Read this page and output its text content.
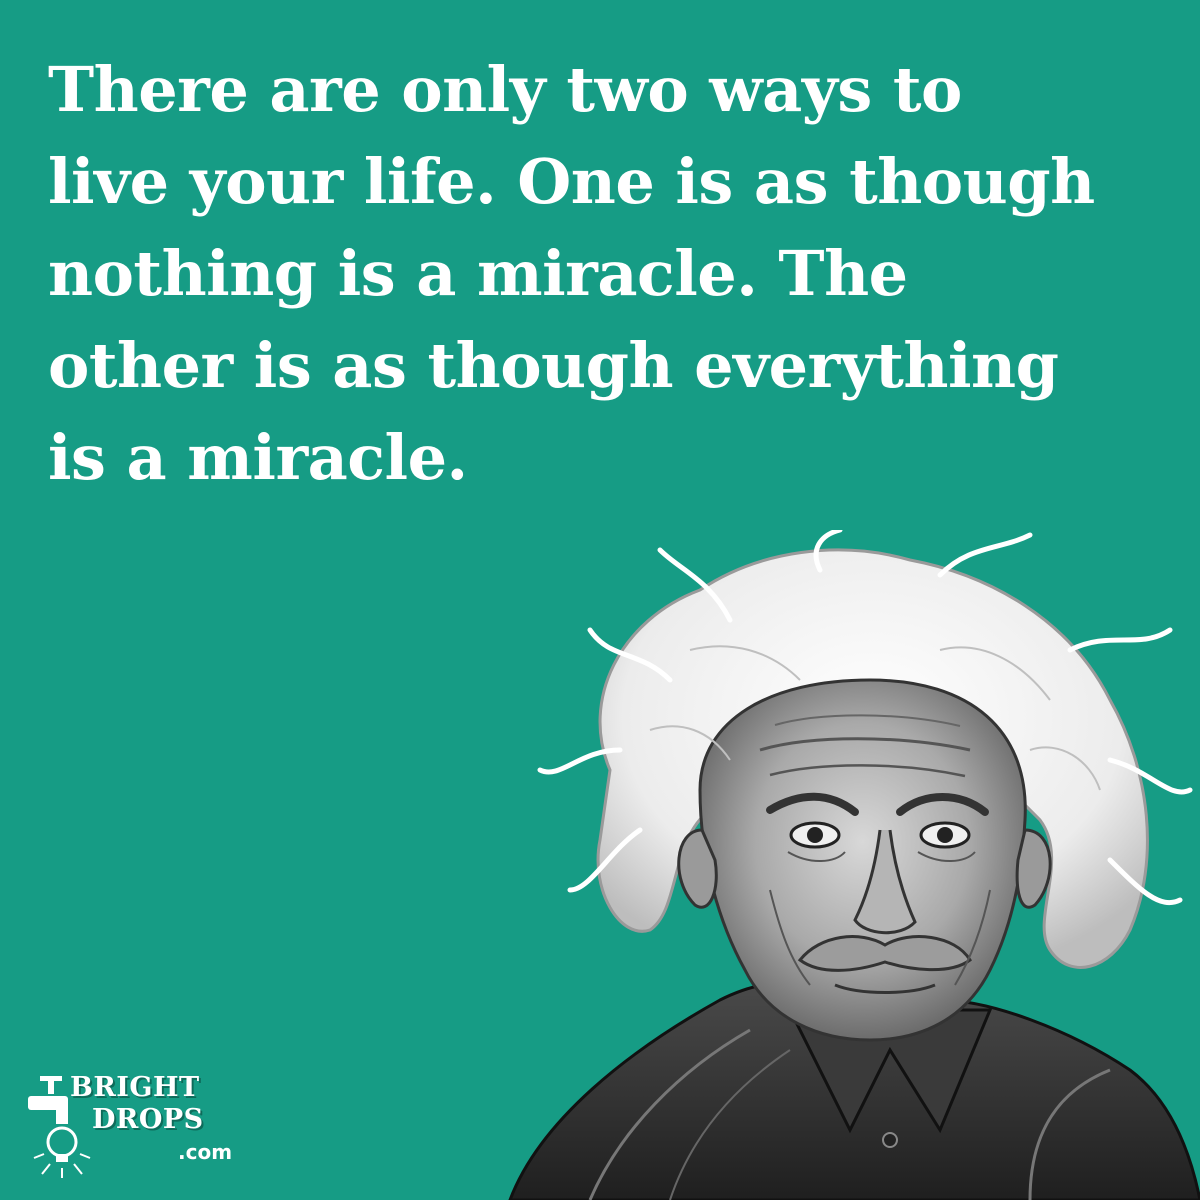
There are only two ways to
live your life. One is as though
nothing is a miracle. The
other is as though everything
is a miracle.
BRIGHT
DROPS
.com
